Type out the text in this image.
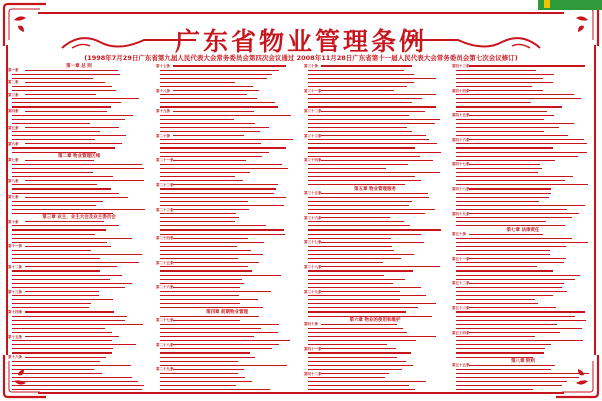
广东省物业管理条例
(1998年7月29日广东省第九届人民代表大会常务委员会第四次会议通过 2008年11月28日广东省第十一届人民代表大会常务委员会第七次会议修订)
第一章 总 则
第二章 物业管理区域
第三章 业主、业主大会及业主委员会
第一条
第二条
第三条
第四条
第五条
第六条
第七条
第八条
第九条
第十条
第十一条
第十二条
第十三条
第十四条
第十五条
第十六条
第四章 前期物业管理
第十七条
第十八条
第十九条
第二十条
第二十一条
第二十二条
第二十三条
第二十四条
第二十五条
第二十六条
第二十七条
第二十八条
第二十九条
第五章 物业管理服务
第六章 物业的使用和维护
第三十条
第三十一条
第三十二条
第三十三条
第三十四条
第三十五条
第三十六条
第三十七条
第三十八条
第三十九条
第四十条
第四十一条
第四十二条
第七章 法律责任
第八章 附则
第四十三条
第四十四条
第四十五条
第四十六条
第四十七条
第四十八条
第四十九条
第五十条
第五十一条
第五十二条
第五十三条
第五十四条
第五十五条
